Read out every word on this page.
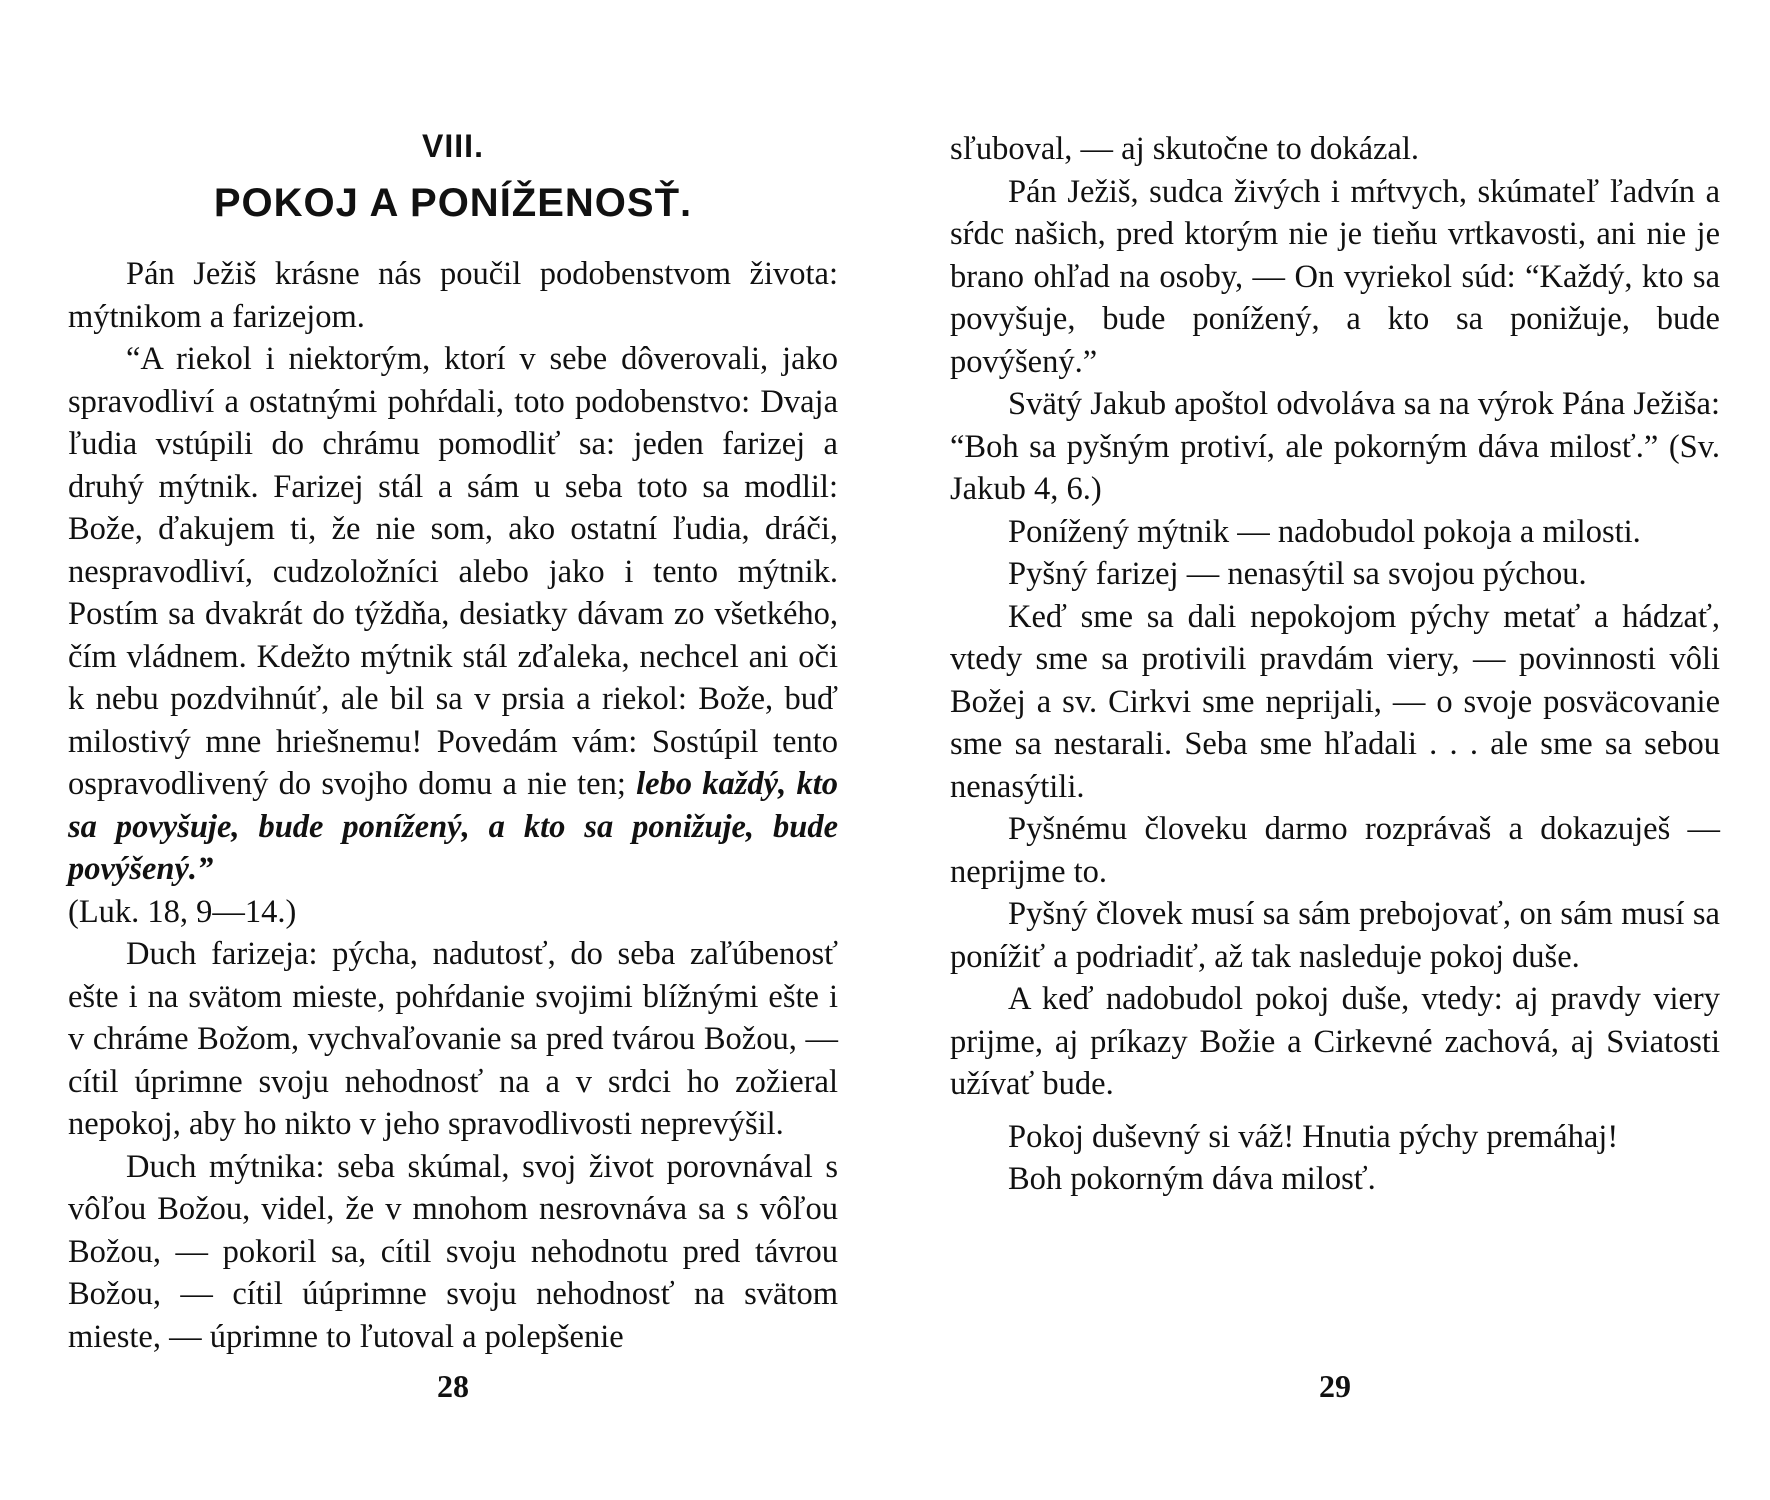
VIII.
POKOJ A PONÍŽENOSŤ.

Pán Ježiš krásne nás poučil podobenstvom života: mýtnikom a farizejom.

“A riekol i niektorým, ktorí v sebe dôverovali, jako spravodliví a ostatnými pohŕdali, toto podobenstvo: Dvaja ľudia vstúpili do chrámu pomodliť sa: jeden farizej a druhý mýtnik. Farizej stál a sám u seba toto sa modlil: Bože, ďakujem ti, že nie som, ako ostatní ľudia, dráči, nespravodliví, cudzoložníci alebo jako i tento mýtnik. Postím sa dvakrát do týždňa, desiatky dávam zo všetkého, čím vládnem. Kdežto mýtnik stál zďaleka, nechcel ani oči k nebu pozdvihnúť, ale bil sa v prsia a riekol: Bože, buď milostivý mne hriešnemu! Povedám vám: Sostúpil tento ospravodlivený do svojho domu a nie ten; lebo každý, kto sa povyšuje, bude ponížený, a kto sa ponižuje, bude povýšený.”
(Luk. 18, 9—14.)

Duch farizeja: pýcha, nadutosť, do seba zaľúbenosť ešte i na svätom mieste, pohŕdanie svojimi blížnými ešte i v chráme Božom, vychvaľovanie sa pred tvárou Božou, — cítil úprimne svoju nehodnosť na a v srdci ho zožieral nepokoj, aby ho nikto v jeho spravodlivosti neprevýšil.

Duch mýtnika: seba skúmal, svoj život porovnával s vôľou Božou, videl, že v mnohom nesrovnáva sa s vôľou Božou, — pokoril sa, cítil svoju nehodnotu pred távrou Božou, — cítil úúprimne svoju nehodnosť na svätom mieste, — úprimne to ľutoval a polepšenie

28

sľuboval, — aj skutočne to dokázal.

Pán Ježiš, sudca živých i mŕtvych, skúmateľ ľadvín a sŕdc našich, pred ktorým nie je tieňu vrtkavosti, ani nie je brano ohľad na osoby, — On vyriekol súd: “Každý, kto sa povyšuje, bude ponížený, a kto sa ponižuje, bude povýšený.”

Svätý Jakub apoštol odvoláva sa na výrok Pána Ježiša: “Boh sa pyšným protiví, ale pokorným dáva milosť.” (Sv. Jakub 4, 6.)

Ponížený mýtnik — nadobudol pokoja a milosti.

Pyšný farizej — nenasýtil sa svojou pýchou.

Keď sme sa dali nepokojom pýchy metať a hádzať, vtedy sme sa protivili pravdám viery, — povinnosti vôli Božej a sv. Cirkvi sme neprijali, — o svoje posväcovanie sme sa nestarali. Seba sme hľadali . . . ale sme sa sebou nenasýtili.

Pyšnému človeku darmo rozprávaš a dokazuješ — neprijme to.

Pyšný človek musí sa sám prebojovať, on sám musí sa ponížiť a podriadiť, až tak nasleduje pokoj duše.

A keď nadobudol pokoj duše, vtedy: aj pravdy viery prijme, aj príkazy Božie a Cirkevné zachová, aj Sviatosti užívať bude.

Pokoj duševný si váž! Hnutia pýchy premáhaj!

Boh pokorným dáva milosť.

29
